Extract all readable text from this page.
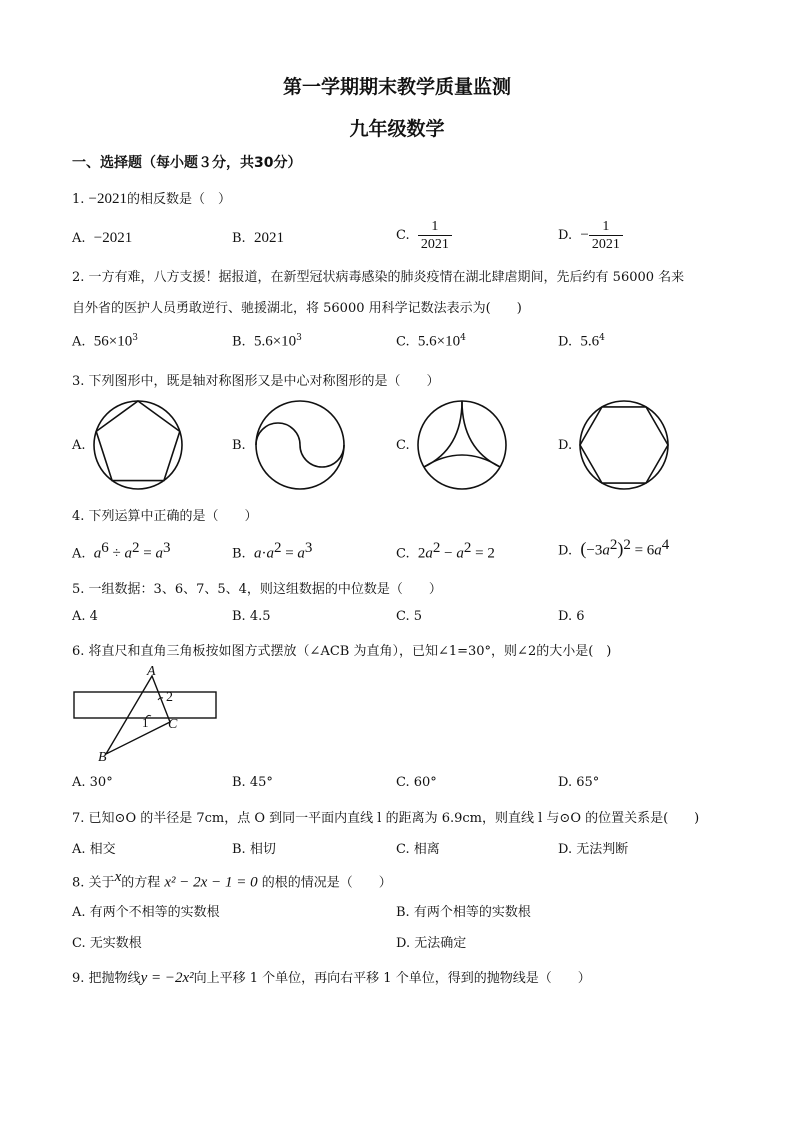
第一学期期末教学质量监测
九年级数学
一、选择题（每小题３分，共30分）
1. −2021的相反数是（　）
A. −2021	B. 2021	C. $\frac{1}{2021}$	D. − $\frac{1}{2021}$
2. 一方有难，八方支援！据报道，在新型冠状病毒感染的肺炎疫情在湖北肆虐期间，先后约有 56000 名来
自外省的医护人员勇敢逆行、驰援湖北，将 56000 用科学记数法表示为(　　)
A. $56\times 10^3$	B. $5.6\times 10^3$	C. $5.6\times 10^4$	D. $5.6^4$
3. 下列图形中，既是轴对称图形又是中心对称图形的是（　　）
A.	B.	C.	D.
4. 下列运算中正确的是（　　）
A. $a^6 \div a^2 = a^3$	B. $a\cdot a^2 = a^3$	C. $2a^2 - a^2 = 2$	D. $(-3a^2)^2 = 6a^4$
5. 一组数据：3、6、7、5、4，则这组数据的中位数是（　　）
A. 4	B. 4.5	C. 5	D. 6
6. 将直尺和直角三角板按如图方式摆放（∠ACB 为直角），已知∠1=30°，则∠2的大小是(　)
A
2
1 C
B
A. 30°	B. 45°	C. 60°	D. 65°
7. 已知⊙O 的半径是 7cm，点 O 到同一平面内直线 l 的距离为 6.9cm，则直线 l 与⊙O 的位置关系是(　　)
A. 相交	B. 相切	C. 相离	D. 无法判断
8. 关于$^x$的方程 x² − 2x − 1 = 0 的根的情况是（　　）
A. 有两个不相等的实数根	B. 有两个相等的实数根
C. 无实数根	D. 无法确定
9. 把抛物线y = −2x²向上平移 1 个单位，再向右平移 1 个单位，得到的抛物线是（　　）
